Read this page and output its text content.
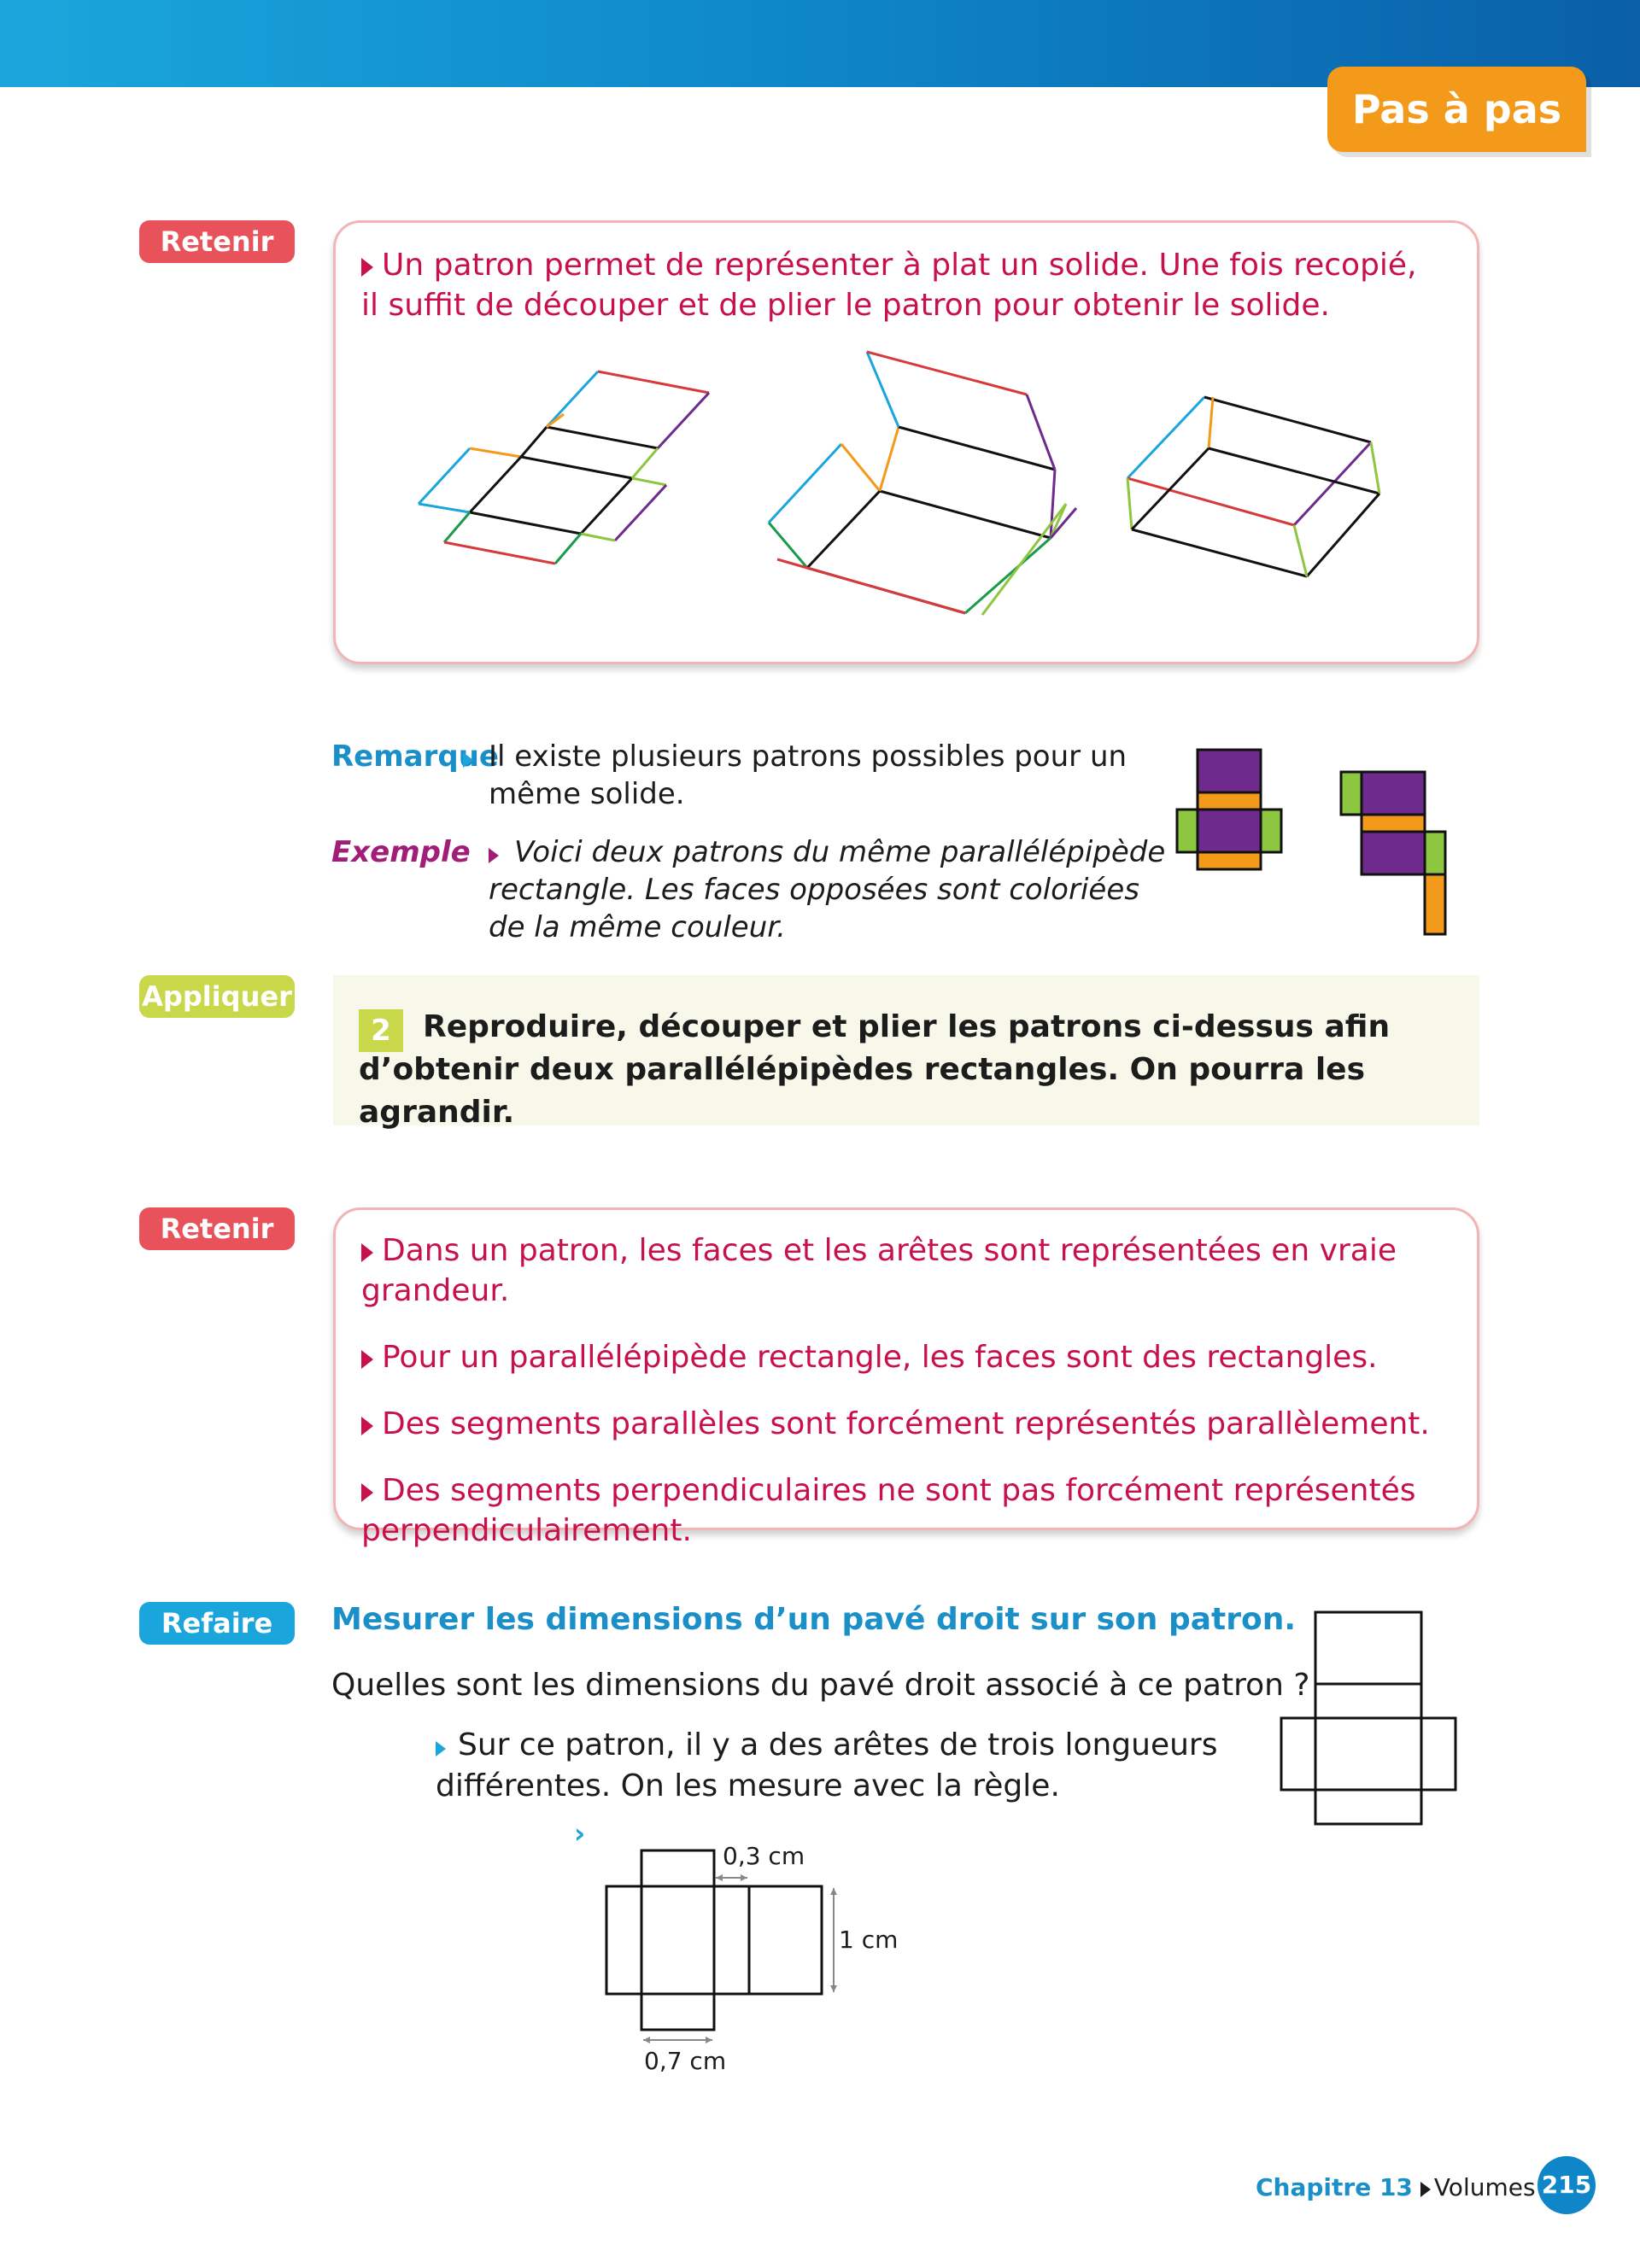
Pas à pas
Retenir
Un patron permet de représenter à plat un solide. Une fois recopié,
il suffit de découper et de plier le patron pour obtenir le solide.
Remarque
Il existe plusieurs patrons possibles pour un
même solide.
Exemple	Voici deux patrons du même parallélépipède
rectangle. Les faces opposées sont coloriées
de la même couleur.
Appliquer
2	Reproduire, découper et plier les patrons ci-dessus afin d’obtenir deux parallélépipèdes rectangles. On pourra les agrandir.
Retenir
Dans un patron, les faces et les arêtes sont représentées en vraie grandeur.
Pour un parallélépipède rectangle, les faces sont des rectangles.
Des segments parallèles sont forcément représentés parallèlement.
Des segments perpendiculaires ne sont pas forcément représentés
perpendiculairement.
Refaire	Mesurer les dimensions d’un pavé droit sur son patron.
Quelles sont les dimensions du pavé droit associé à ce patron ?
Sur ce patron, il y a des arêtes de trois longueurs
différentes. On les mesure avec la règle.
›
0,3 cm
1 cm
0,7 cm
Chapitre 13 Volumes 215
